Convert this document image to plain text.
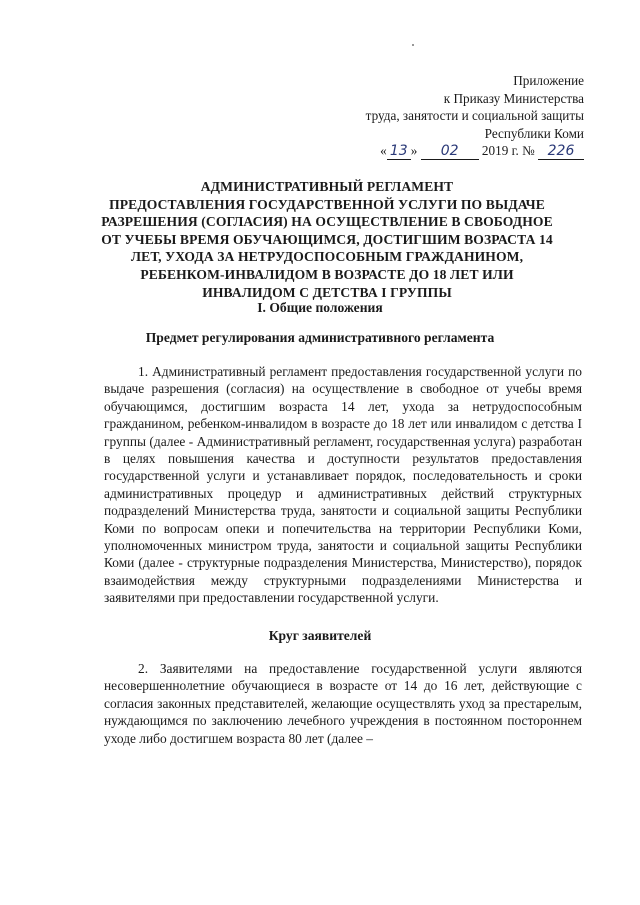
Приложение
к Приказу Министерства
труда, занятости и социальной защиты
Республики Коми
« 13 » 02 2019 г. № 226
АДМИНИСТРАТИВНЫЙ РЕГЛАМЕНТ
ПРЕДОСТАВЛЕНИЯ ГОСУДАРСТВЕННОЙ УСЛУГИ ПО ВЫДАЧЕ
РАЗРЕШЕНИЯ (СОГЛАСИЯ) НА ОСУЩЕСТВЛЕНИЕ В СВОБОДНОЕ
ОТ УЧЕБЫ ВРЕМЯ ОБУЧАЮЩИМСЯ, ДОСТИГШИМ ВОЗРАСТА 14
ЛЕТ, УХОДА ЗА НЕТРУДОСПОСОБНЫМ ГРАЖДАНИНОМ,
РЕБЕНКОМ-ИНВАЛИДОМ В ВОЗРАСТЕ ДО 18 ЛЕТ ИЛИ
ИНВАЛИДОМ С ДЕТСТВА I ГРУППЫ
I. Общие положения
Предмет регулирования административного регламента
1. Административный регламент предоставления государственной услуги по выдаче разрешения (согласия) на осуществление в свободное от учебы время обучающимся, достигшим возраста 14 лет, ухода за нетрудоспособным гражданином, ребенком-инвалидом в возрасте до 18 лет или инвалидом с детства I группы (далее - Административный регламент, государственная услуга) разработан в целях повышения качества и доступности результатов предоставления государственной услуги и устанавливает порядок, последовательность и сроки административных процедур и административных действий структурных подразделений Министерства труда, занятости и социальной защиты Республики Коми по вопросам опеки и попечительства на территории Республики Коми, уполномоченных министром труда, занятости и социальной защиты Республики Коми (далее - структурные подразделения Министерства, Министерство), порядок взаимодействия между структурными подразделениями Министерства и заявителями при предоставлении государственной услуги.
Круг заявителей
2. Заявителями на предоставление государственной услуги являются несовершеннолетние обучающиеся в возрасте от 14 до 16 лет, действующие с согласия законных представителей, желающие осуществлять уход за престарелым, нуждающимся по заключению лечебного учреждения в постоянном постороннем уходе либо достигшем возраста 80 лет (далее –
